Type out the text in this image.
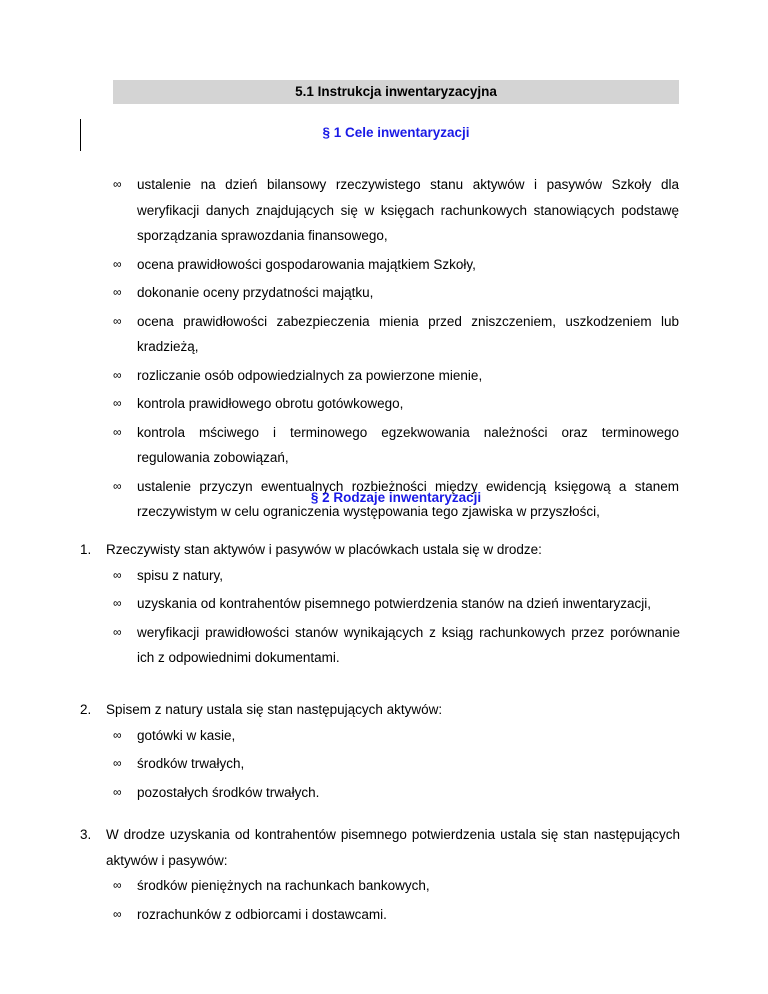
5.1 Instrukcja inwentaryzacyjna
§ 1 Cele inwentaryzacji
∞ ustalenie na dzień bilansowy rzeczywistego stanu aktywów i pasywów Szkoły dla weryfikacji danych znajdujących się w księgach rachunkowych stanowiących podstawę sporządzania sprawozdania finansowego,
∞ ocena prawidłowości gospodarowania majątkiem Szkoły,
∞ dokonanie oceny przydatności majątku,
∞ ocena prawidłowości zabezpieczenia mienia przed zniszczeniem, uszkodzeniem lub kradzieżą,
∞ rozliczanie osób odpowiedzialnych za powierzone mienie,
∞ kontrola prawidłowego obrotu gotówkowego,
∞ kontrola mściwego i terminowego egzekwowania należności oraz terminowego regulowania zobowiązań,
∞ ustalenie przyczyn ewentualnych rozbieżności między ewidencją księgową a stanem rzeczywistym w celu ograniczenia występowania tego zjawiska w przyszłości,
§ 2 Rodzaje inwentaryzacji
1. Rzeczywisty stan aktywów i pasywów w placówkach ustala się w drodze:
∞ spisu z natury,
∞ uzyskania od kontrahentów pisemnego potwierdzenia stanów na dzień inwentaryzacji,
∞ weryfikacji prawidłowości stanów wynikających z ksiąg rachunkowych przez porównanie ich z odpowiednimi dokumentami.
2. Spisem z natury ustala się stan następujących aktywów:
∞ gotówki w kasie,
∞ środków trwałych,
∞ pozostałych środków trwałych.
3. W drodze uzyskania od kontrahentów pisemnego potwierdzenia ustala się stan następujących aktywów i pasywów:
∞ środków pieniężnych na rachunkach bankowych,
∞ rozrachunków z odbiorcami i dostawcami.
